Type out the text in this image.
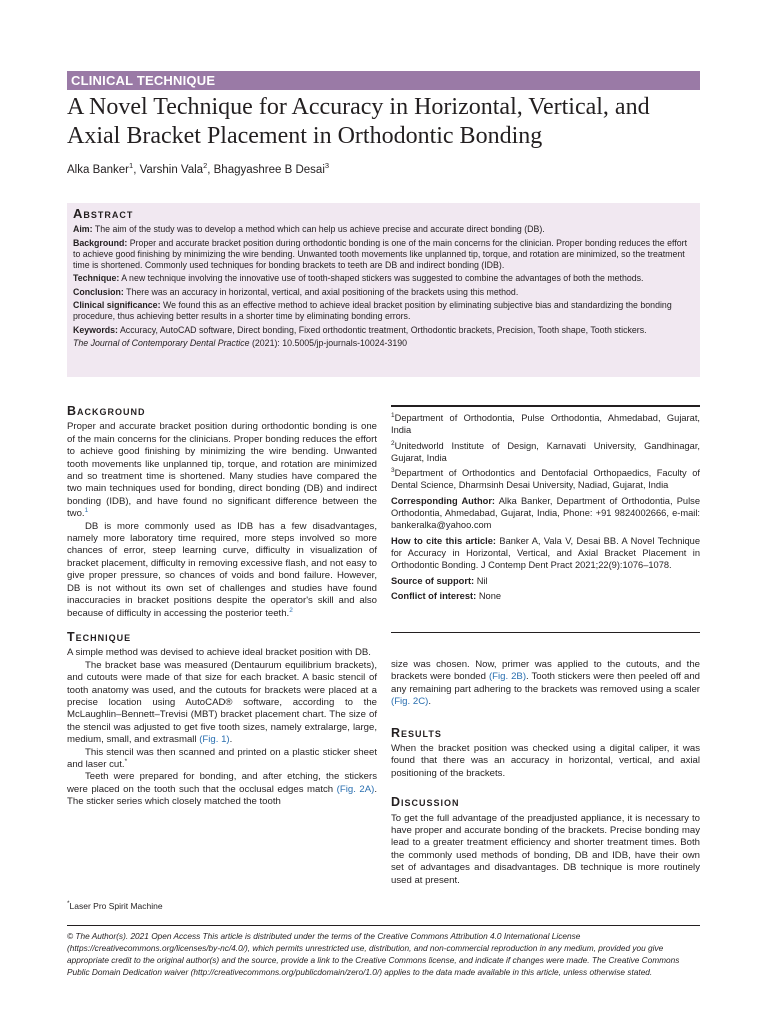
CLINICAL TECHNIQUE
A Novel Technique for Accuracy in Horizontal, Vertical, and
Axial Bracket Placement in Orthodontic Bonding
Alka Banker$^1$, Varshin Vala$^2$, Bhagyashree B Desai$^3$
Abstract

Aim: The aim of the study was to develop a method which can help us achieve precise and accurate direct bonding (DB).

Background: Proper and accurate bracket position during orthodontic bonding is one of the main concerns for the clinician. Proper bonding reduces the effort to achieve good finishing by minimizing the wire bending. Unwanted tooth movements like unplanned tip, torque, and rotation are minimized, so the treatment time is shortened. Commonly used techniques for bonding brackets to teeth are DB and indirect bonding (IDB).

Technique: A new technique involving the innovative use of tooth-shaped stickers was suggested to combine the advantages of both the methods.

Conclusion: There was an accuracy in horizontal, vertical, and axial positioning of the brackets using this method.

Clinical significance: We found this as an effective method to achieve ideal bracket position by eliminating subjective bias and standardizing the bonding procedure, thus achieving better results in a shorter time by eliminating bonding errors.

Keywords: Accuracy, AutoCAD software, Direct bonding, Fixed orthodontic treatment, Orthodontic brackets, Precision, Tooth shape, Tooth stickers.

The Journal of Contemporary Dental Practice (2021): 10.5005/jp-journals-10024-3190

Background

Proper and accurate bracket position during orthodontic bonding is one of the main concerns for the clinicians. Proper bonding reduces the effort to achieve good finishing by minimizing the wire bending. Unwanted tooth movements like unplanned tip, torque, and rotation are minimized and so treatment time is shortened. Many studies have compared the two main techniques used for bonding, direct bonding (DB) and indirect bonding (IDB), and have found no significant difference between the two.$^1$

DB is more commonly used as IDB has a few disadvantages, namely more laboratory time required, more steps involved so more chances of error, steep learning curve, difficulty in visualization of bracket placement, difficulty in removing excessive flash, and not easy to give proper pressure, so chances of voids and bond failure. However, DB is not without its own set of challenges and studies have found inaccuracies in bracket positions despite the operator's skill and also because of difficulty in accessing the posterior teeth.$^2$

Technique

A simple method was devised to achieve ideal bracket position with DB.

The bracket base was measured (Dentaurum equilibrium brackets), and cutouts were made of that size for each bracket. A basic stencil of tooth anatomy was used, and the cutouts for brackets were placed at a precise location using AutoCAD® software, according to the McLaughlin–Bennett–Trevisi (MBT) bracket placement chart. The size of the stencil was adjusted to get five tooth sizes, namely extralarge, large, medium, small, and extrasmall (Fig. 1).

This stencil was then scanned and printed on a plastic sticker sheet and laser cut.*

Teeth were prepared for bonding, and after etching, the stickers were placed on the tooth such that the occlusal edges match (Fig. 2A). The sticker series which closely matched the tooth

$^1$Department of Orthodontia, Pulse Orthodontia, Ahmedabad, Gujarat, India

$^2$Unitedworld Institute of Design, Karnavati University, Gandhinagar, Gujarat, India

$^3$Department of Orthodontics and Dentofacial Orthopaedics, Faculty of Dental Science, Dharmsinh Desai University, Nadiad, Gujarat, India

Corresponding Author: Alka Banker, Department of Orthodontia, Pulse Orthodontia, Ahmedabad, Gujarat, India, Phone: +91 9824002666, e-mail: bankeralka@yahoo.com

How to cite this article: Banker A, Vala V, Desai BB. A Novel Technique for Accuracy in Horizontal, Vertical, and Axial Bracket Placement in Orthodontic Bonding. J Contemp Dent Pract 2021;22(9):1076–1078.

Source of support: Nil

Conflict of interest: None

size was chosen. Now, primer was applied to the cutouts, and the brackets were bonded (Fig. 2B). Tooth stickers were then peeled off and any remaining part adhering to the brackets was removed using a scaler (Fig. 2C).

Results

When the bracket position was checked using a digital caliper, it was found that there was an accuracy in horizontal, vertical, and axial positioning of the brackets.

Discussion

To get the full advantage of the preadjusted appliance, it is necessary to have proper and accurate bonding of the brackets. Precise bonding may lead to a greater treatment efficiency and shorter treatment times. Both the commonly used methods of bonding, DB and IDB, have their own set of advantages and disadvantages. DB technique is more routinely used at present.

*Laser Pro Spirit Machine
© The Author(s). 2021 Open Access This article is distributed under the terms of the Creative Commons Attribution 4.0 International License (https://creativecommons.org/licenses/by-nc/4.0/), which permits unrestricted use, distribution, and non-commercial reproduction in any medium, provided you give appropriate credit to the original author(s) and the source, provide a link to the Creative Commons license, and indicate if changes were made. The Creative Commons Public Domain Dedication waiver (http://creativecommons.org/publicdomain/zero/1.0/) applies to the data made available in this article, unless otherwise stated.
